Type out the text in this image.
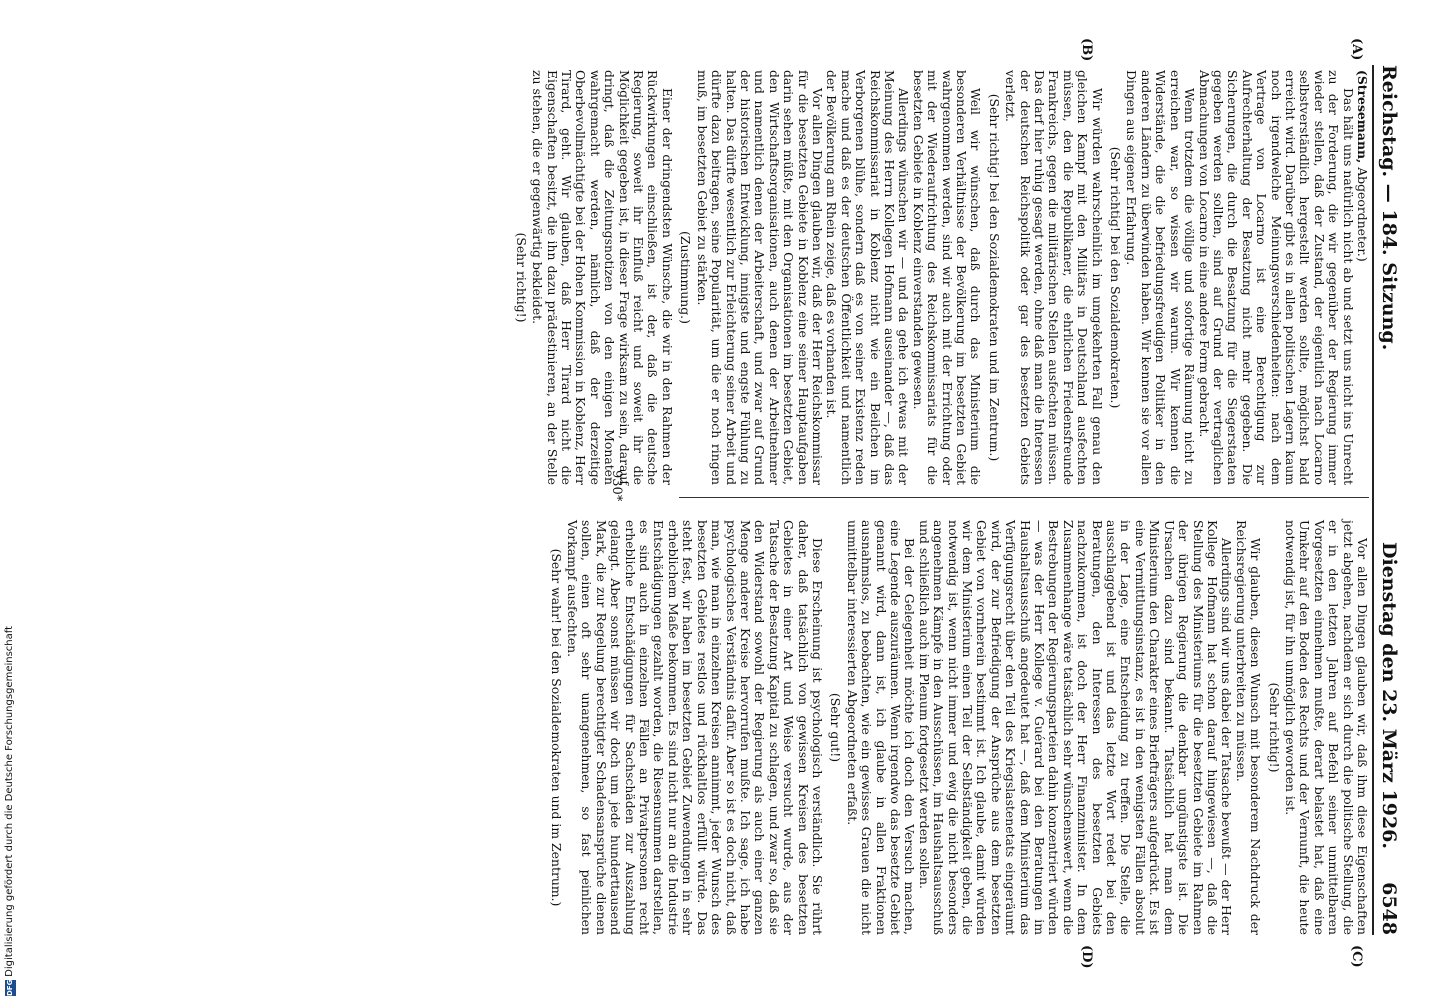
Reichstag. — 184. Sitzung.
Dienstag den 23. März 1926.     6548
(A)
(B)
(C)
(D)

(Stresemann, Abgeordneter.)

Das hält uns natürlich nicht ab und setzt uns nicht ins Unrecht zu der Forderung, die wir gegenüber der Regierung immer wieder stellen, daß der Zustand, der eigentlich nach Locarno selbstverständlich hergestellt werden sollte, möglichst bald erreicht wird. Darüber gibt es in allen politischen Lagern kaum noch irgendwelche Meinungsverschiedenheiten: nach dem Vertrage von Locarno ist eine Berechtigung zur Aufrechterhaltung der Besatzung nicht mehr gegeben. Die Sicherungen, die durch die Besatzung für die Siegerstaaten gegeben werden sollten, sind auf Grund der vertraglichen Abmachungen von Locarno in eine andere Form gebracht.

Wenn trotzdem die völlige und sofortige Räumung nicht zu erreichen war, so wissen wir warum. Wir kennen die Widerstände, die die befriedungsfreudigen Politiker in den anderen Ländern zu überwinden haben. Wir kennen sie vor allen Dingen aus eigener Erfahrung.

(Sehr richtig! bei den Sozialdemokraten.)

Wir würden wahrscheinlich im umgekehrten Fall genau den gleichen Kampf mit den Militärs in Deutschland ausfechten müssen, den die Republikaner, die ehrlichen Friedensfreunde Frankreichs, gegen die militärischen Stellen ausfechten müssen. Das darf hier ruhig gesagt werden, ohne daß man die Interessen der deutschen Reichspolitik oder gar des besetzten Gebiets verletzt.

(Sehr richtig! bei den Sozialdemokraten und im Zentrum.)

Weil wir wünschen, daß durch das Ministerium die besonderen Verhältnisse der Bevölkerung im besetzten Gebiet wahrgenommen werden, sind wir auch mit der Errichtung oder mit der Wiederaufrichtung des Reichskommissariats für die besetzten Gebiete in Koblenz einverstanden gewesen.

Allerdings wünschen wir — und da gehe ich etwas mit der Meinung des Herrn Kollegen Hofmann auseinander —, daß das Reichskommissariat in Koblenz nicht wie ein Beilchen im Verborgenen blühe, sondern daß es von seiner Existenz reden mache und daß es der deutschen Öffentlichkeit und namentlich der Bevölkerung am Rhein zeige, daß es vorhanden ist.

Vor allen Dingen glauben wir, daß der Herr Reichskommissar für die besetzten Gebiete in Koblenz eine seiner Hauptaufgaben darin sehen müßte, mit den Organisationen im besetzten Gebiet, den Wirtschaftsorganisationen, auch denen der Arbeitnehmer und namentlich denen der Arbeiterschaft, und zwar auf Grund der historischen Entwicklung, innigste und engste Fühlung zu halten. Das dürfte wesentlich zur Erleichterung seiner Arbeit und dürfte dazu beitragen, seine Popularität, um die er noch ringen muß, im besetzten Gebiet zu stärken.

(Zustimmung.)

Einer der dringendsten Wünsche, die wir in den Rahmen der Rückwirkungen einschließen, ist der, daß die deutsche Regierung, soweit ihr Einfluß reicht und soweit ihr die Möglichkeit gegeben ist, in dieser Frage wirksam zu sein, darauf dringt, daß die Zeitungsnotizen von den einigen Monaten wahrgemacht werden, nämlich, daß der derzeitige Oberbevollmächtigte bei der Hohen Kommission in Koblenz, Herr Tirard, geht. Wir glauben, daß Herr Tirard nicht die Eigenschaften besitzt, die ihn dazu prädestinieren, an der Stelle zu stehen, die er gegenwärtig bekleidet.

(Sehr richtig!)

Vor allen Dingen glauben wir, daß ihm diese Eigenschaften jetzt abgehen, nachdem er sich durch die politische Stellung, die er in den letzten Jahren auf Befehl seiner unmittelbaren Vorgesetzten einnehmen mußte, derart belastet hat, daß eine Umkehr auf den Boden des Rechts und der Vernunft, die heute notwendig ist, für ihn unmöglich geworden ist.

(Sehr richtig!)

Wir glauben, diesen Wunsch mit besonderem Nachdruck der Reichsregierung unterbreiten zu müssen.

Allerdings sind wir uns dabei der Tatsache bewußt — der Herr Kollege Hofmann hat schon darauf hingewiesen —, daß die Stellung des Ministeriums für die besetzten Gebiete im Rahmen der übrigen Regierung die denkbar ungünstigste ist. Die Ursachen dazu sind bekannt. Tatsächlich hat man dem Ministerium den Charakter eines Briefträgers aufgedrückt. Es ist eine Vermittlungsinstanz, es ist in den wenigsten Fällen absolut in der Lage, eine Entscheidung zu treffen. Die Stelle, die ausschlaggebend ist und das letzte Wort redet bei den Beratungen, den Interessen des besetzten Gebiets nachzukommen, ist doch der Herr Finanzminister. In dem Zusammenhange wäre tatsächlich sehr wünschenswert, wenn die Bestrebungen der Regierungsparteien dahin konzentriert würden — was der Herr Kollege v. Guérard bei den Beratungen im Haushaltsausschuß angedeutet hat —, daß dem Ministerium das Verfügungsrecht über den Teil des Kriegslastenetats eingeräumt wird, der zur Befriedigung der Ansprüche aus dem besetzten Gebiet von vornherein bestimmt ist. Ich glaube, damit würden wir dem Ministerium einen Teil der Selbständigkeit geben, die notwendig ist, wenn nicht immer und ewig die nicht besonders angenehmen Kämpfe in den Ausschüssen, im Haushaltsausschuß und schließlich auch im Plenum fortgesetzt werden sollen.

Bei der Gelegenheit möchte ich doch den Versuch machen, eine Legende auszuräumen. Wenn irgendwo das besetzte Gebiet genannt wird, dann ist, ich glaube in allen Fraktionen ausnahmslos, zu beobachten, wie ein gewisses Grauen die nicht unmittelbar interessierten Abgeordneten erfaßt.

(Sehr gut!)

Diese Erscheinung ist psychologisch verständlich. Sie rührt daher, daß tatsächlich von gewissen Kreisen des besetzten Gebietes in einer Art und Weise versucht wurde, aus der Tatsache der Besatzung Kapital zu schlagen, und zwar so, daß sie den Widerstand sowohl der Regierung als auch einer ganzen Menge anderer Kreise hervorrufen mußte. Ich sage, ich habe psychologisches Verständnis dafür. Aber so ist es doch nicht, daß man, wie man in einzelnen Kreisen annimmt, jeder Wunsch des besetzten Gebietes restlos und rückhaltlos erfüllt würde. Das steht fest, wir haben im besetzten Gebiet Zuwendungen in sehr erheblichem Maße bekommen. Es sind nicht nur an die Industrie Entschädigungen gezahlt worden, die Riesensummen darstellen, es sind auch in einzelnen Fällen an Privatpersonen recht erhebliche Entschädigungen für Sachschäden zur Auszahlung gelangt. Aber sonst müssen wir doch um jede hunderttausend Mark, die zur Regelung berechtigter Schadensansprüche dienen sollen, einen oft sehr unangenehmen, so fast peinlichen Vorkampf ausfechten.

(Sehr wahr! bei den Sozialdemokraten und im Zentrum.)

930*
DFG Digitalisierung gefördert durch die Deutsche Forschungsgemeinschaft
